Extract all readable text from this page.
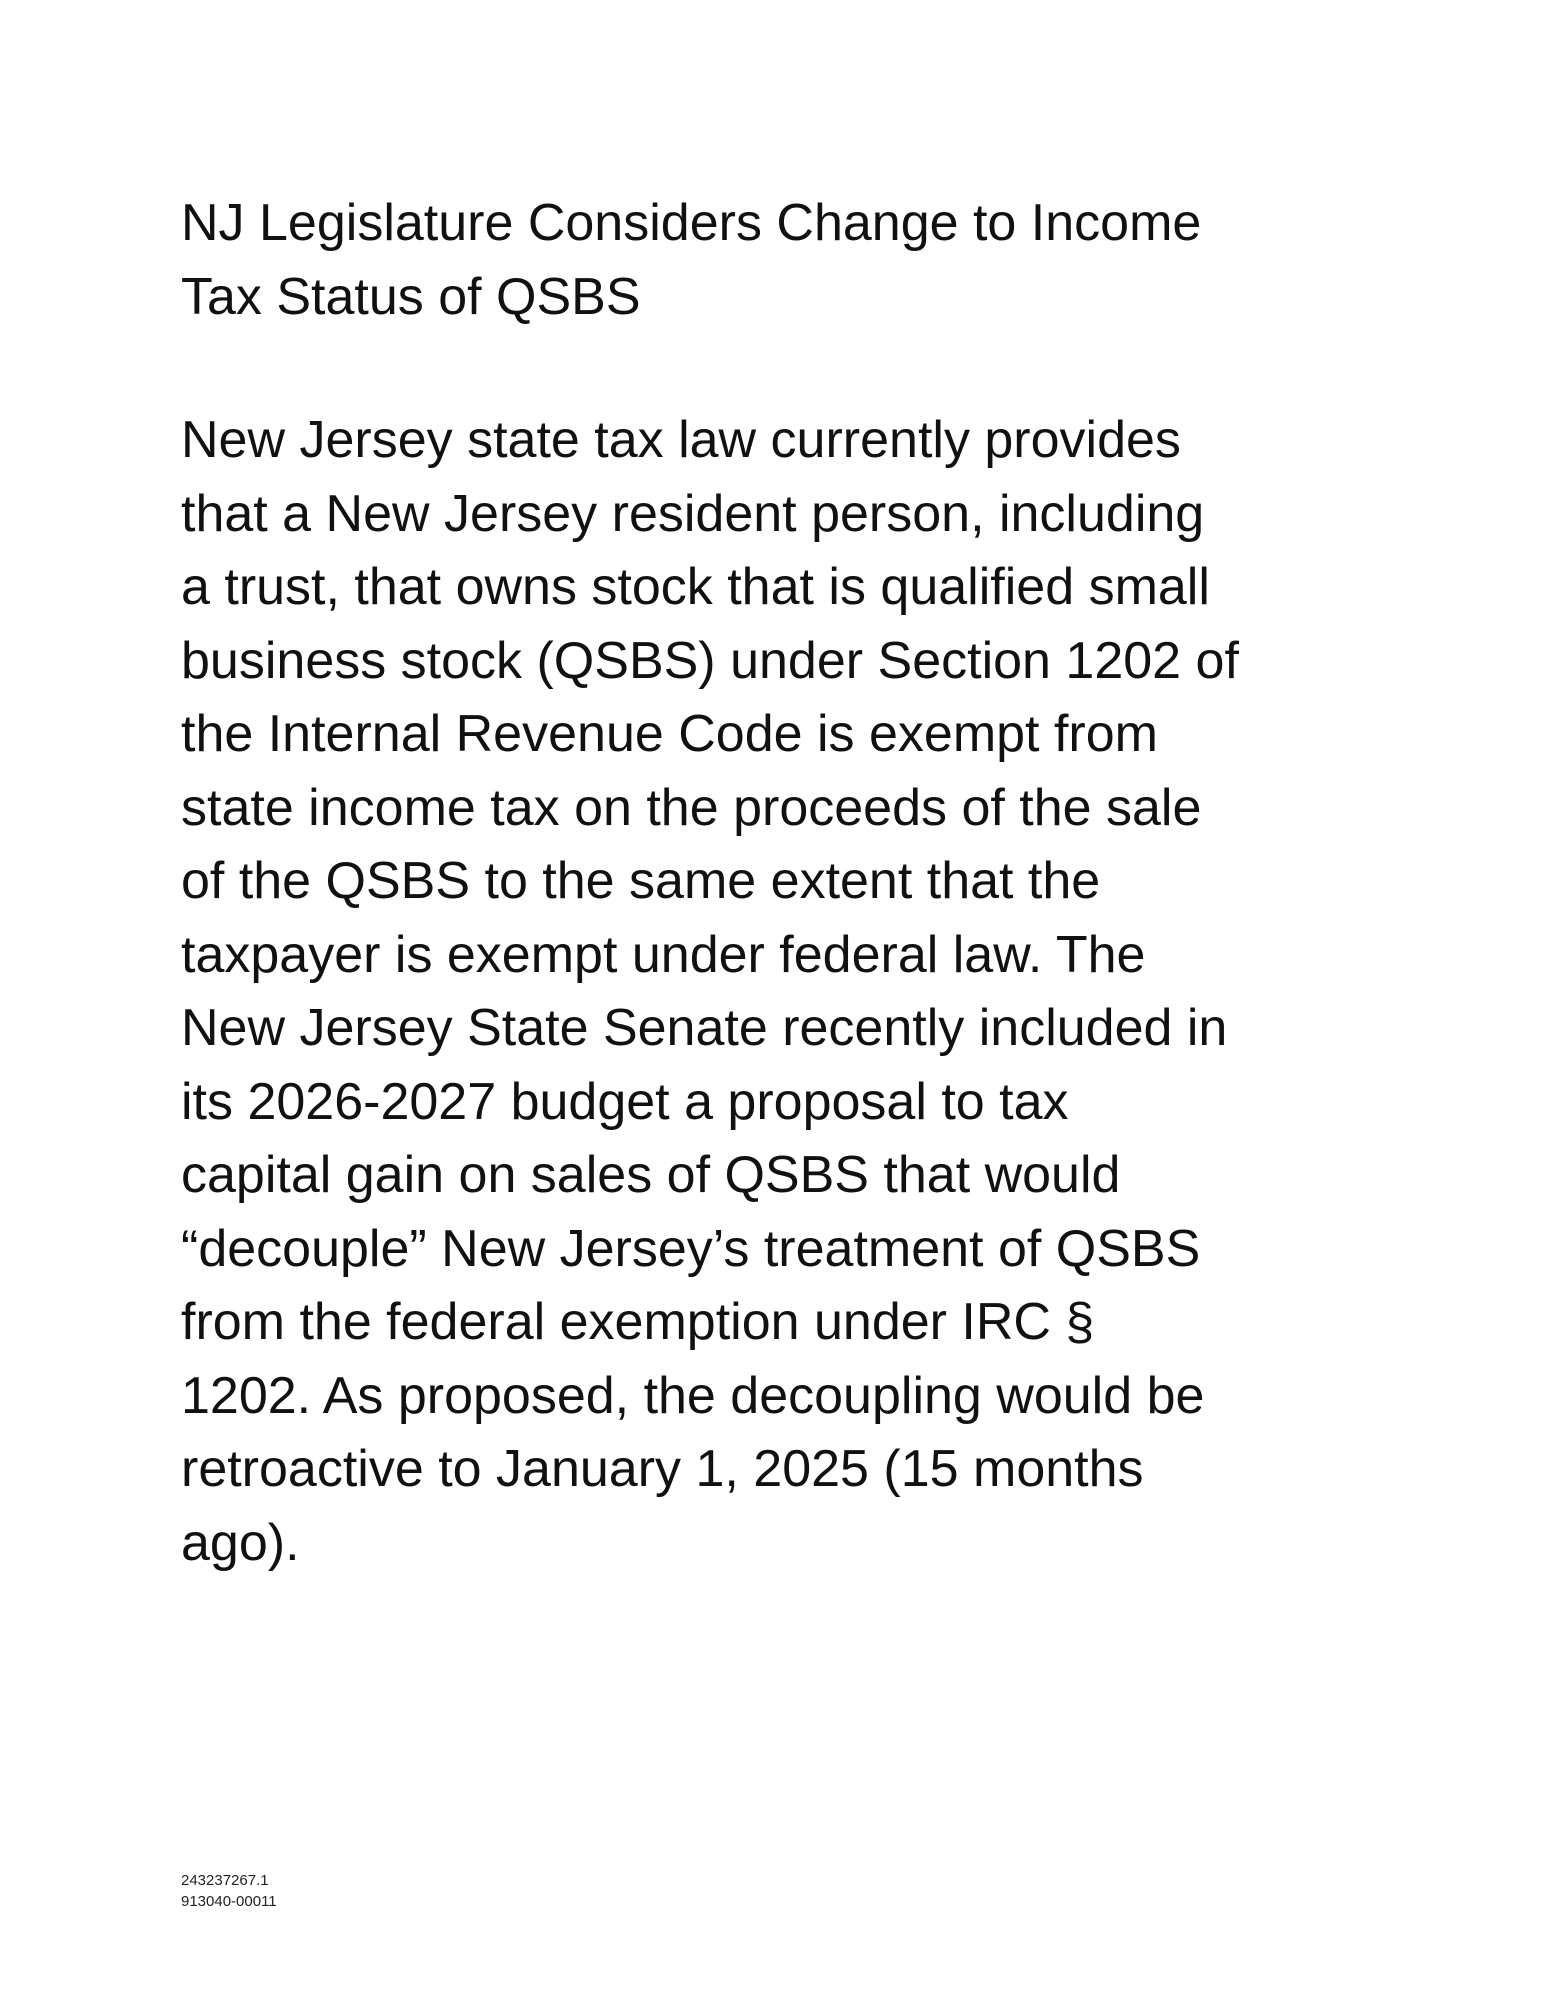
NJ Legislature Considers Change to Income
Tax Status of QSBS

New Jersey state tax law currently provides
that a New Jersey resident person, including
a trust, that owns stock that is qualified small
business stock (QSBS) under Section 1202 of
the Internal Revenue Code is exempt from
state income tax on the proceeds of the sale
of the QSBS to the same extent that the
taxpayer is exempt under federal law. The
New Jersey State Senate recently included in
its 2026-2027 budget a proposal to tax
capital gain on sales of QSBS that would
“decouple” New Jersey’s treatment of QSBS
from the federal exemption under IRC §
1202. As proposed, the decoupling would be
retroactive to January 1, 2025 (15 months
ago).

243237267.1
913040-00011
